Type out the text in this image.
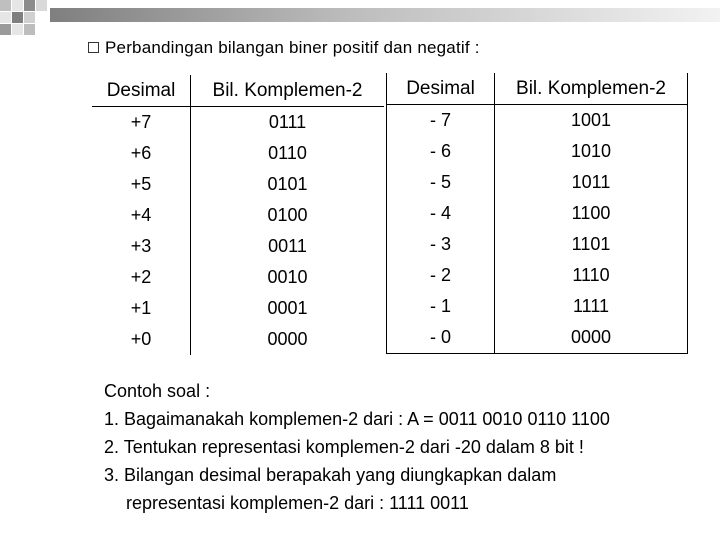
Perbandingan bilangan biner positif dan negatif :
Desimal	Bil. Komplemen-2
+7	0111
+6	0110
+5	0101
+4	0100
+3	0011
+2	0010
+1	0001
+0	0000
Desimal	Bil. Komplemen-2
- 7	1001
- 6	1010
- 5	1011
- 4	1100
- 3	1101
- 2	1110
- 1	1111
- 0	0000
Contoh soal :
1. Bagaimanakah komplemen-2 dari : A = 0011 0010 0110 1100
2. Tentukan representasi komplemen-2 dari -20 dalam 8 bit !
3. Bilangan desimal berapakah yang diungkapkan dalam
representasi komplemen-2 dari : 1111 0011
